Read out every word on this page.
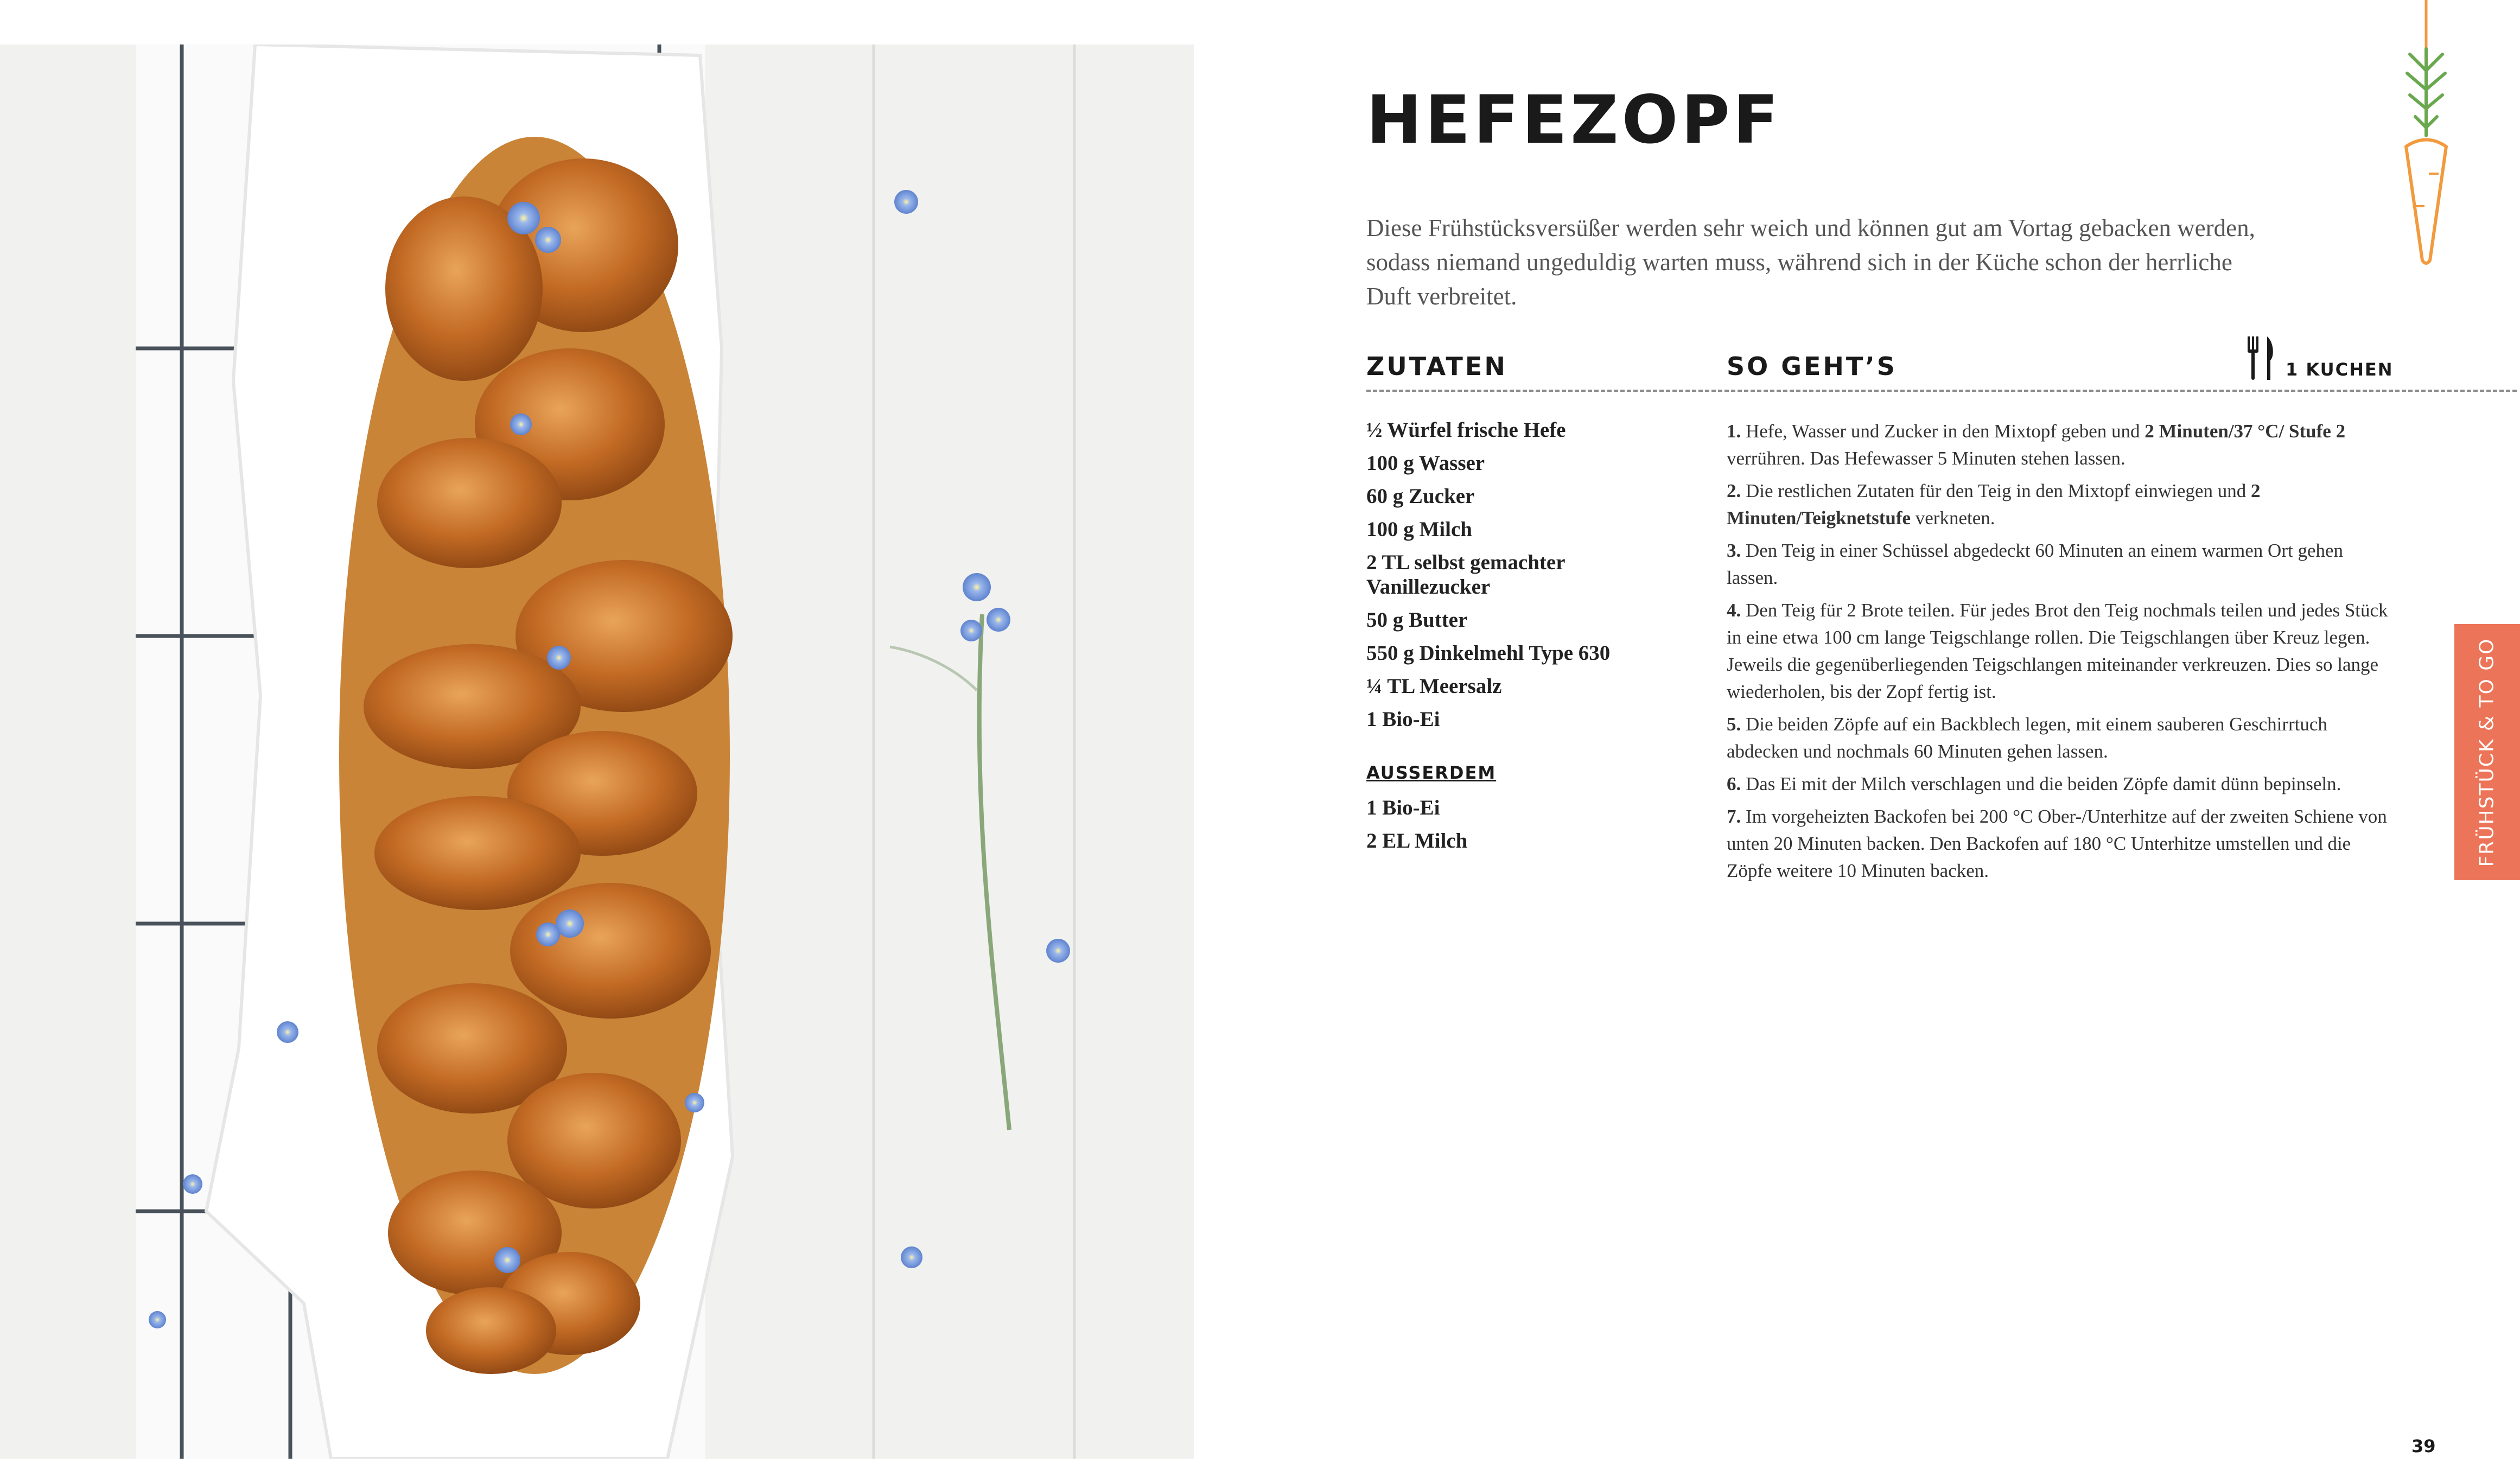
HEFEZOPF

Diese Frühstücksversüßer werden sehr weich und können gut am Vortag gebacken werden, sodass niemand ungeduldig warten muss, während sich in der Küche schon der herrliche Duft verbreitet.

ZUTATEN	SO GEHT’S	1 KUCHEN
½ Würfel frische Hefe
100 g Wasser
60 g Zucker
100 g Milch
2 TL selbst gemachter Vanillezucker
50 g Butter
550 g Dinkelmehl Type 630
¼ TL Meersalz
1 Bio-Ei
AUSSERDEM
1 Bio-Ei
2 EL Milch
1. Hefe, Wasser und Zucker in den Mixtopf geben und 2 Minuten/37 °C/ Stufe 2 verrühren. Das Hefewasser 5 Minuten stehen lassen.
2. Die restlichen Zutaten für den Teig in den Mixtopf einwiegen und 2 Minuten/Teigknetstufe verkneten.
3. Den Teig in einer Schüssel abgedeckt 60 Minuten an einem warmen Ort gehen lassen.
4. Den Teig für 2 Brote teilen. Für jedes Brot den Teig nochmals teilen und jedes Stück in eine etwa 100 cm lange Teigschlange rollen. Die Teigschlangen über Kreuz legen. Jeweils die gegenüberliegenden Teigschlangen miteinander verkreuzen. Dies so lange wiederholen, bis der Zopf fertig ist.
5. Die beiden Zöpfe auf ein Backblech legen, mit einem sauberen Geschirrtuch abdecken und nochmals 60 Minuten gehen lassen.
6. Das Ei mit der Milch verschlagen und die beiden Zöpfe damit dünn bepinseln.
7. Im vorgeheizten Backofen bei 200 °C Ober-/Unterhitze auf der zweiten Schiene von unten 20 Minuten backen. Den Backofen auf 180 °C Unterhitze umstellen und die Zöpfe weitere 10 Minuten backen.
FRÜHSTÜCK & TO GO
39
